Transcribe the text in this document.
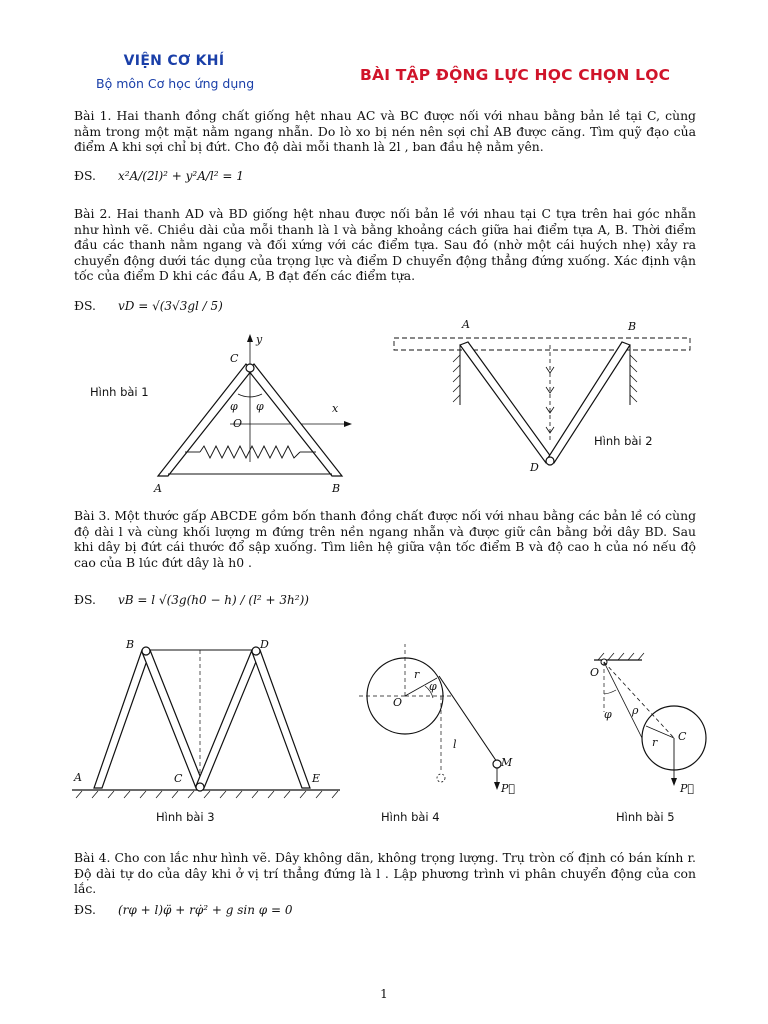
VIỆN CƠ KHÍ
Bộ môn Cơ học ứng dụng	BÀI TẬP ĐỘNG LỰC HỌC CHỌN LỌC
Bài 1. Hai thanh đồng chất giống hệt nhau AC và BC được nối với nhau bằng bản lề tại C, cùng nằm trong một mặt nằm ngang nhẵn. Do lò xo bị nén nên sợi chỉ AB được căng. Tìm quỹ đạo của điểm A khi sợi chỉ bị đứt. Cho độ dài mỗi thanh là 2l , ban đầu hệ nằm yên.
ĐS. x²A/(2l)² + y²A/l² = 1
Bài 2. Hai thanh AD và BD giống hệt nhau được nối bản lề với nhau tại C tựa trên hai góc nhẵn như hình vẽ. Chiều dài của mỗi thanh là l và bằng khoảng cách giữa hai điểm tựa A, B. Thời điểm đầu các thanh nằm ngang và đối xứng với các điểm tựa. Sau đó (nhờ một cái huých nhẹ) xảy ra chuyển động dưới tác dụng của trọng lực và điểm D chuyển động thẳng đứng xuống. Xác định vận tốc của điểm D khi các đầu A, B đạt đến các điểm tựa.
ĐS. vD = √(3√3gl / 5)
C
y
φ φ
O
x
A	B
Hình bài 1
A	B
D
Hình bài 2
Bài 3. Một thước gấp ABCDE gồm bốn thanh đồng chất được nối với nhau bằng các bản lề có cùng độ dài l và cùng khối lượng m đứng trên nền ngang nhẵn và được giữ cân bằng bởi dây BD. Sau khi dây bị đứt cái thước đổ sập xuống. Tìm liên hệ giữa vận tốc điểm B và độ cao h của nó nếu độ cao của B lúc đứt dây là h0 .
ĐS. vB = l √(3g(h0 − h) / (l² + 3h²))
B	D
A	C	E
Hình bài 3
r
φ
O
l
M
P⃗
Hình bài 4
O
φ ρ
r C
P⃗
Hình bài 5
Bài 4. Cho con lắc như hình vẽ. Dây không dãn, không trọng lượng. Trụ tròn cố định có bán kính r. Độ dài tự do của dây khi ở vị trí thẳng đứng là l . Lập phương trình vi phân chuyển động của con lắc.
ĐS. (rφ + l)φ̈ + rφ̇² + g sin φ = 0
1
